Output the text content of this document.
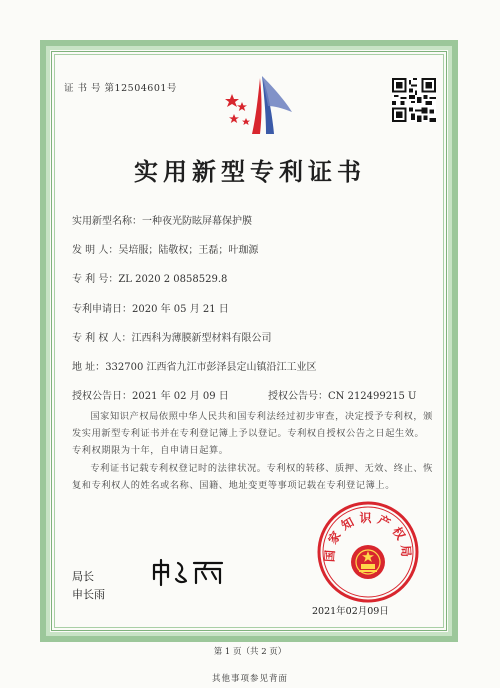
证 书 号 第12504601号
实用新型专利证书
实用新型名称：一种夜光防眩屏幕保护膜
发 明 人：吴培服；陆敬权；王磊；叶珈源
专 利 号：ZL 2020 2 0858529.8
专利申请日：2020 年 05 月 21 日
专 利 权 人：江西科为薄膜新型材料有限公司
地 址：332700 江西省九江市彭泽县定山镇沿江工业区
授权公告日：2021 年 02 月 09 日	授权公告号：CN 212499215 U
国家知识产权局依照中华人民共和国专利法经过初步审查，决定授予专利权，颁发实用新型专利证书并在专利登记簿上予以登记。专利权自授权公告之日起生效。专利权期限为十年，自申请日起算。
专利证书记载专利权登记时的法律状况。专利权的转移、质押、无效、终止、恢复和专利权人的姓名或名称、国籍、地址变更等事项记载在专利登记簿上。
局长
申长雨
国家知识产权局
2021年02月09日
第 1 页（共 2 页）
其他事项参见背面
